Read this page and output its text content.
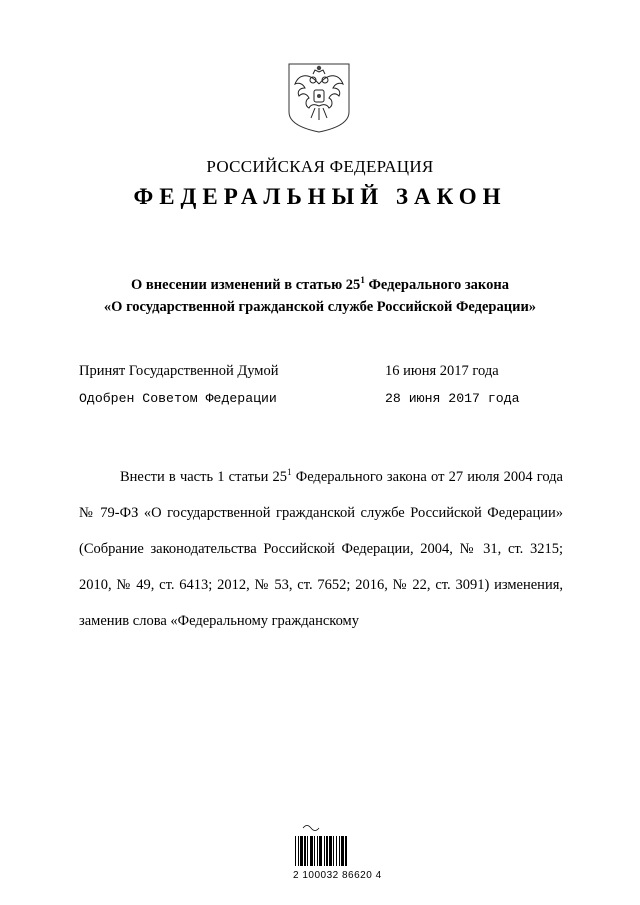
РОССИЙСКАЯ ФЕДЕРАЦИЯ
ФЕДЕРАЛЬНЫЙ ЗАКОН
О внесении изменений в статью $25^1$ Федерального закона
«О государственной гражданской службе Российской Федерации»
Принят Государственной Думой	16 июня 2017 года
Одобрен Советом Федерации	28 июня 2017 года

Внести в часть 1 статьи $25^1$ Федерального закона от 27 июля 2004 года № 79-ФЗ «О государственной гражданской службе Российской Федерации» (Собрание законодательства Российской Федерации, 2004, № 31, ст. 3215; 2010, № 49, ст. 6413; 2012, № 53, ст. 7652; 2016, № 22, ст. 3091) изменения, заменив слова «Федеральному гражданскому

2 100032 86620 4
